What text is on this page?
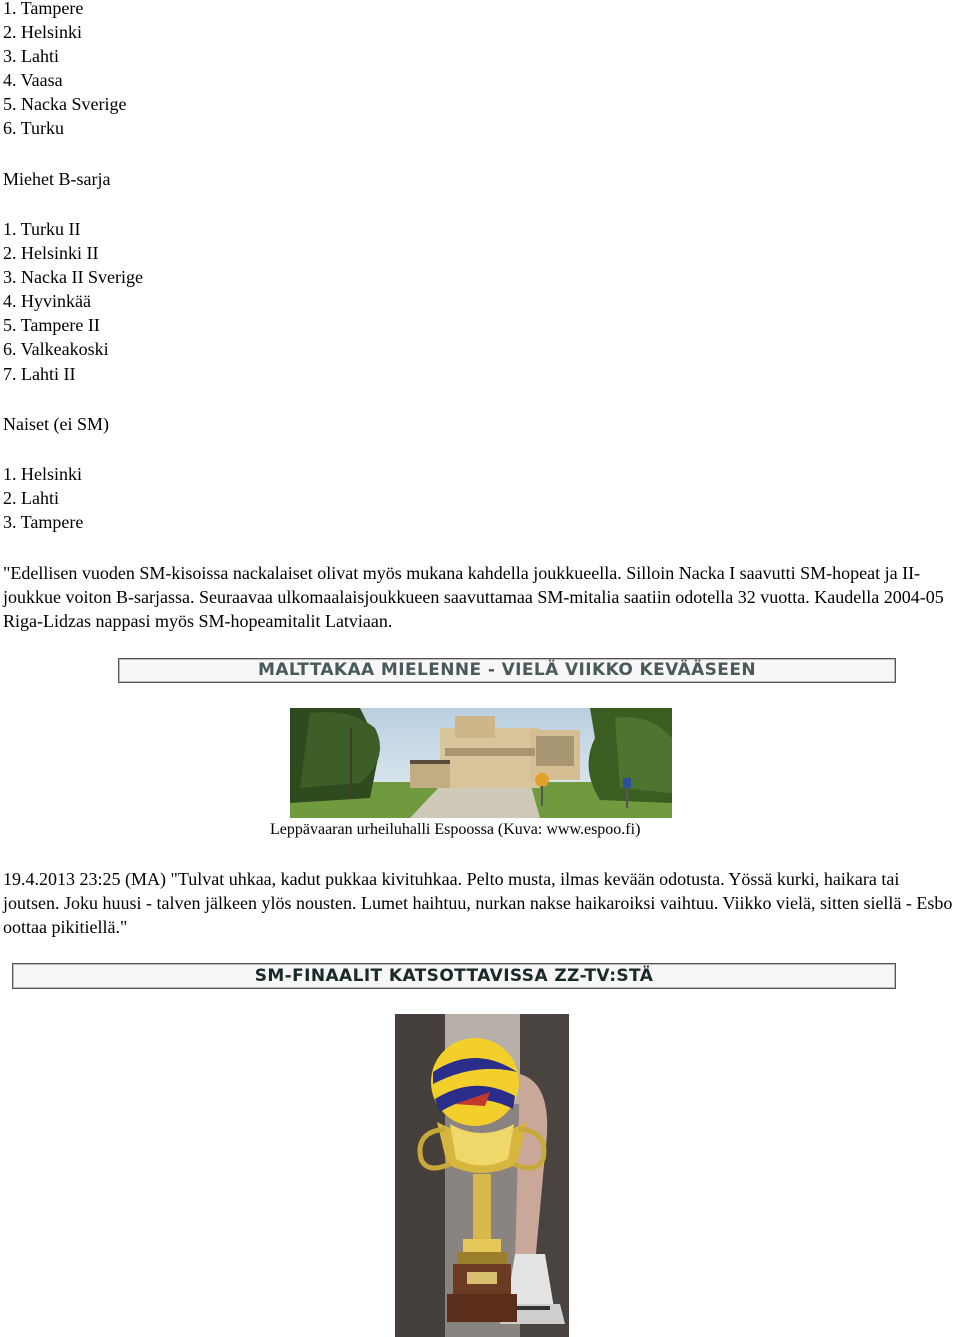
1. Tampere
2. Helsinki
3. Lahti
4. Vaasa
5. Nacka Sverige
6. Turku
Miehet B-sarja
1. Turku II
2. Helsinki II
3. Nacka II Sverige
4. Hyvinkää
5. Tampere II
6. Valkeakoski
7. Lahti II
Naiset (ei SM)
1. Helsinki
2. Lahti
3. Tampere
"Edellisen vuoden SM-kisoissa nackalaiset olivat myös mukana kahdella joukkueella. Silloin Nacka I saavutti SM-hopeat ja II-joukkue voiton B-sarjassa. Seuraavaa ulkomaalaisjoukkueen saavuttamaa SM-mitalia saatiin odotella 32 vuotta. Kaudella 2004-05 Riga-Lidzas nappasi myös SM-hopeamitalit Latviaan.
MALTTAKAA MIELENNE - VIELÄ VIIKKO KEVÄÄSEEN
Leppävaaran urheiluhalli Espoossa (Kuva: www.espoo.fi)
19.4.2013 23:25 (MA) "Tulvat uhkaa, kadut pukkaa kivituhkaa. Pelto musta, ilmas kevään odotusta. Yössä kurki, haikara tai joutsen. Joku huusi - talven jälkeen ylös nousten. Lumet haihtuu, nurkan nakse haikaroiksi vaihtuu. Viikko vielä, sitten siellä - Esbo oottaa pikitiellä."
SM-FINAALIT KATSOTTAVISSA ZZ-TV:STÄ
